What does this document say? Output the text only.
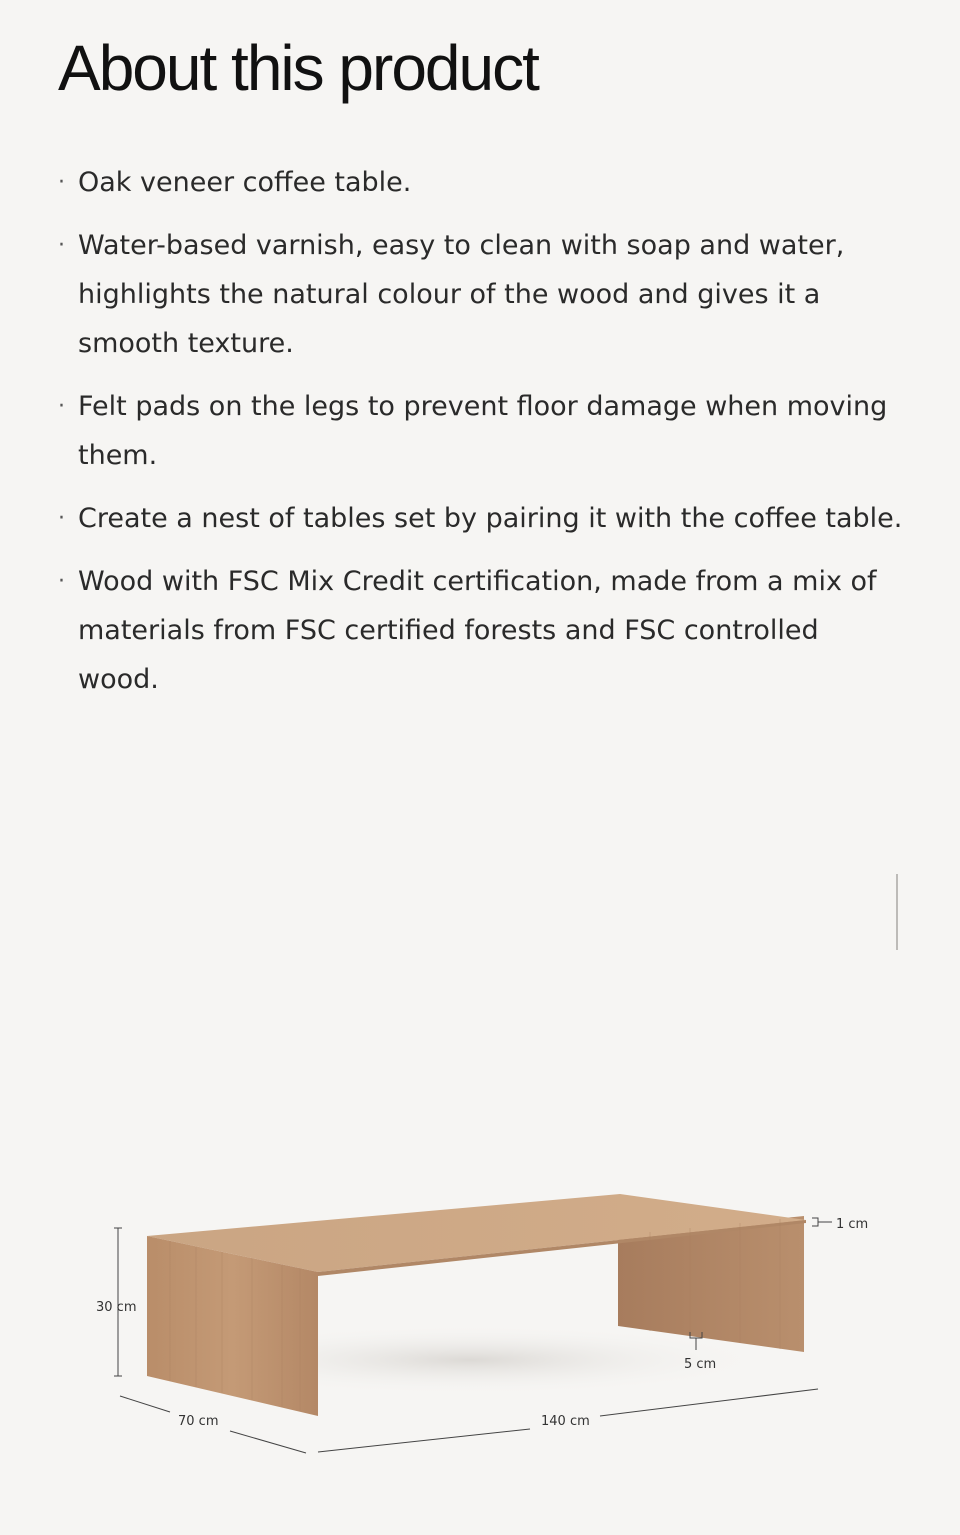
About this product
· Oak veneer coffee table.
· Water-based varnish, easy to clean with soap and water, highlights the natural colour of the wood and gives it a smooth texture.
· Felt pads on the legs to prevent floor damage when moving them.
· Create a nest of tables set by pairing it with the coffee table.
· Wood with FSC Mix Credit certification, made from a mix of materials from FSC certified forests and FSC controlled wood.
30 cm
70 cm	140 cm
1 cm
5 cm
